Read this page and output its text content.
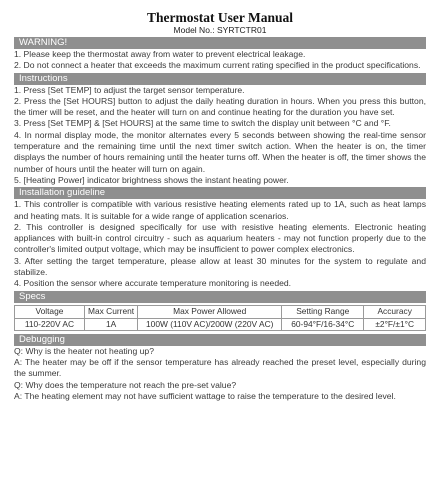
Thermostat User Manual
Model No.: SYRTCTR01
WARNING!
1. Please keep the thermostat away from water to prevent electrical leakage.
2. Do not connect a heater that exceeds the maximum current rating specified in the product specifications.
Instructions
1. Press [Set TEMP] to adjust the target sensor temperature.
2. Press the [Set HOURS] button to adjust the daily heating duration in hours. When you press this button, the timer will be reset, and the heater will turn on and continue heating for the duration you have set.
3. Press [Set TEMP] & [Set HOURS] at the same time to switch the display unit between °C and °F.
4. In normal display mode, the monitor alternates every 5 seconds between showing the real-time sensor temperature and the remaining time until the next timer switch action. When the heater is on, the timer displays the number of hours remaining until the heater turns off. When the heater is off, the timer shows the number of hours until the heater will turn on again.
5. [Heating Power] indicator brightness shows the instant heating power.
Installation guideline
1. This controller is compatible with various resistive heating elements rated up to 1A, such as heat lamps and heating mats. It is suitable for a wide range of application scenarios.
2. This controller is designed specifically for use with resistive heating elements. Electronic heating appliances with built-in control circuitry - such as aquarium heaters - may not function properly due to the controller's limited output voltage, which may be insufficient to power complex electronics.
3. After setting the target temperature, please allow at least 30 minutes for the system to regulate and stabilize.
4. Position the sensor where accurate temperature monitoring is needed.
Specs
Voltage	Max Current	Max Power Allowed	Setting Range	Accuracy
110-220V AC	1A	100W (110V AC)/200W (220V AC)	60-94°F/16-34°C	±2°F/±1°C
Debugging
Q: Why is the heater not heating up?
A: The heater may be off if the sensor temperature has already reached the preset level, especially during the summer.
Q: Why does the temperature not reach the pre-set value?
A: The heating element may not have sufficient wattage to raise the temperature to the desired level.
